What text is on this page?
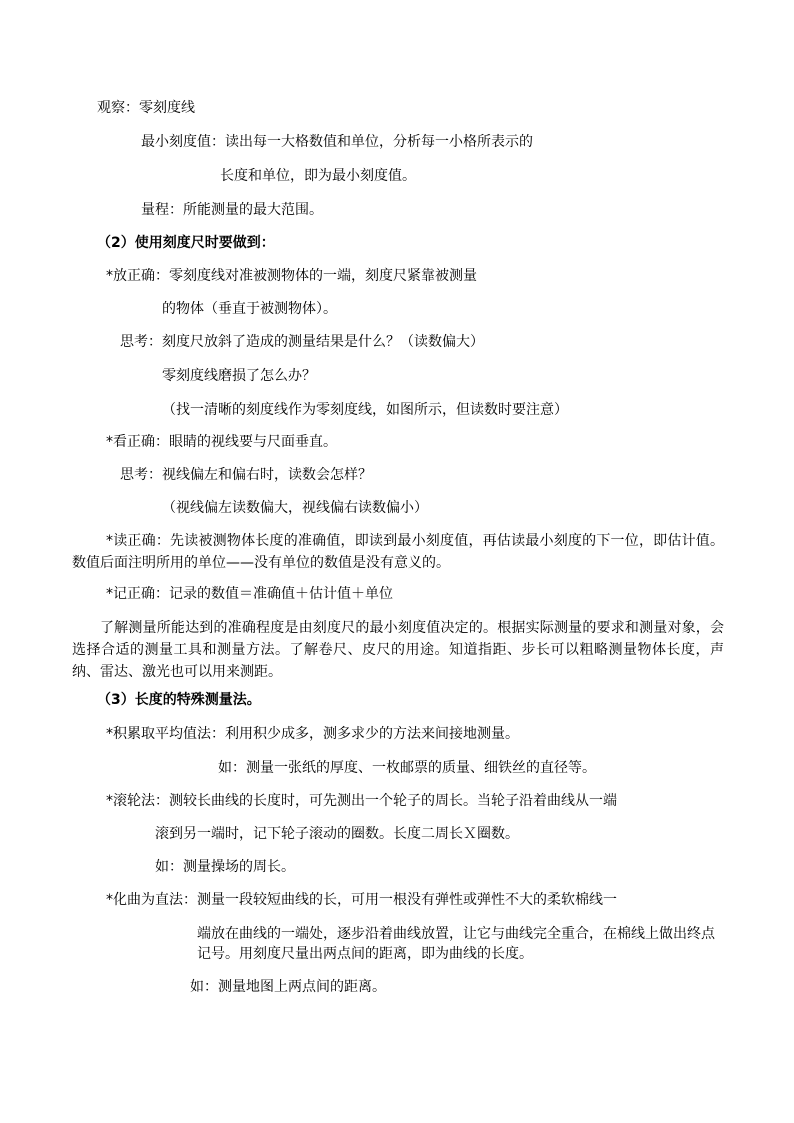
观察：零刻度线
最小刻度值：读出每一大格数值和单位，分析每一小格所表示的
长度和单位，即为最小刻度值。
量程：所能测量的最大范围。
（2）使用刻度尺时要做到：
*放正确：零刻度线对准被测物体的一端，刻度尺紧靠被测量
的物体（垂直于被测物体）。
思考：刻度尺放斜了造成的测量结果是什么？（读数偏大）
零刻度线磨损了怎么办？
（找一清晰的刻度线作为零刻度线，如图所示，但读数时要注意）
*看正确：眼睛的视线要与尺面垂直。
思考：视线偏左和偏右时，读数会怎样？
（视线偏左读数偏大，视线偏右读数偏小）
*读正确：先读被测物体长度的准确值，即读到最小刻度值，再估读最小刻度的下一位，即估计值。数值后面注明所用的单位——没有单位的数值是没有意义的。
*记正确：记录的数值＝准确值＋估计值＋单位
了解测量所能达到的准确程度是由刻度尺的最小刻度值决定的。根据实际测量的要求和测量对象，会选择合适的测量工具和测量方法。了解卷尺、皮尺的用途。知道指距、步长可以粗略测量物体长度，声纳、雷达、激光也可以用来测距。
（3）长度的特殊测量法。
*积累取平均值法：利用积少成多，测多求少的方法来间接地测量。
如：测量一张纸的厚度、一枚邮票的质量、细铁丝的直径等。
*滚轮法：测较长曲线的长度时，可先测出一个轮子的周长。当轮子沿着曲线从一端
滚到另一端时，记下轮子滚动的圈数。长度二周长Ｘ圈数。
如：测量操场的周长。
*化曲为直法：测量一段较短曲线的长，可用一根没有弹性或弹性不大的柔软棉线一
端放在曲线的一端处，逐步沿着曲线放置，让它与曲线完全重合，在棉线上做出终点
记号。用刻度尺量出两点间的距离，即为曲线的长度。
如：测量地图上两点间的距离。
